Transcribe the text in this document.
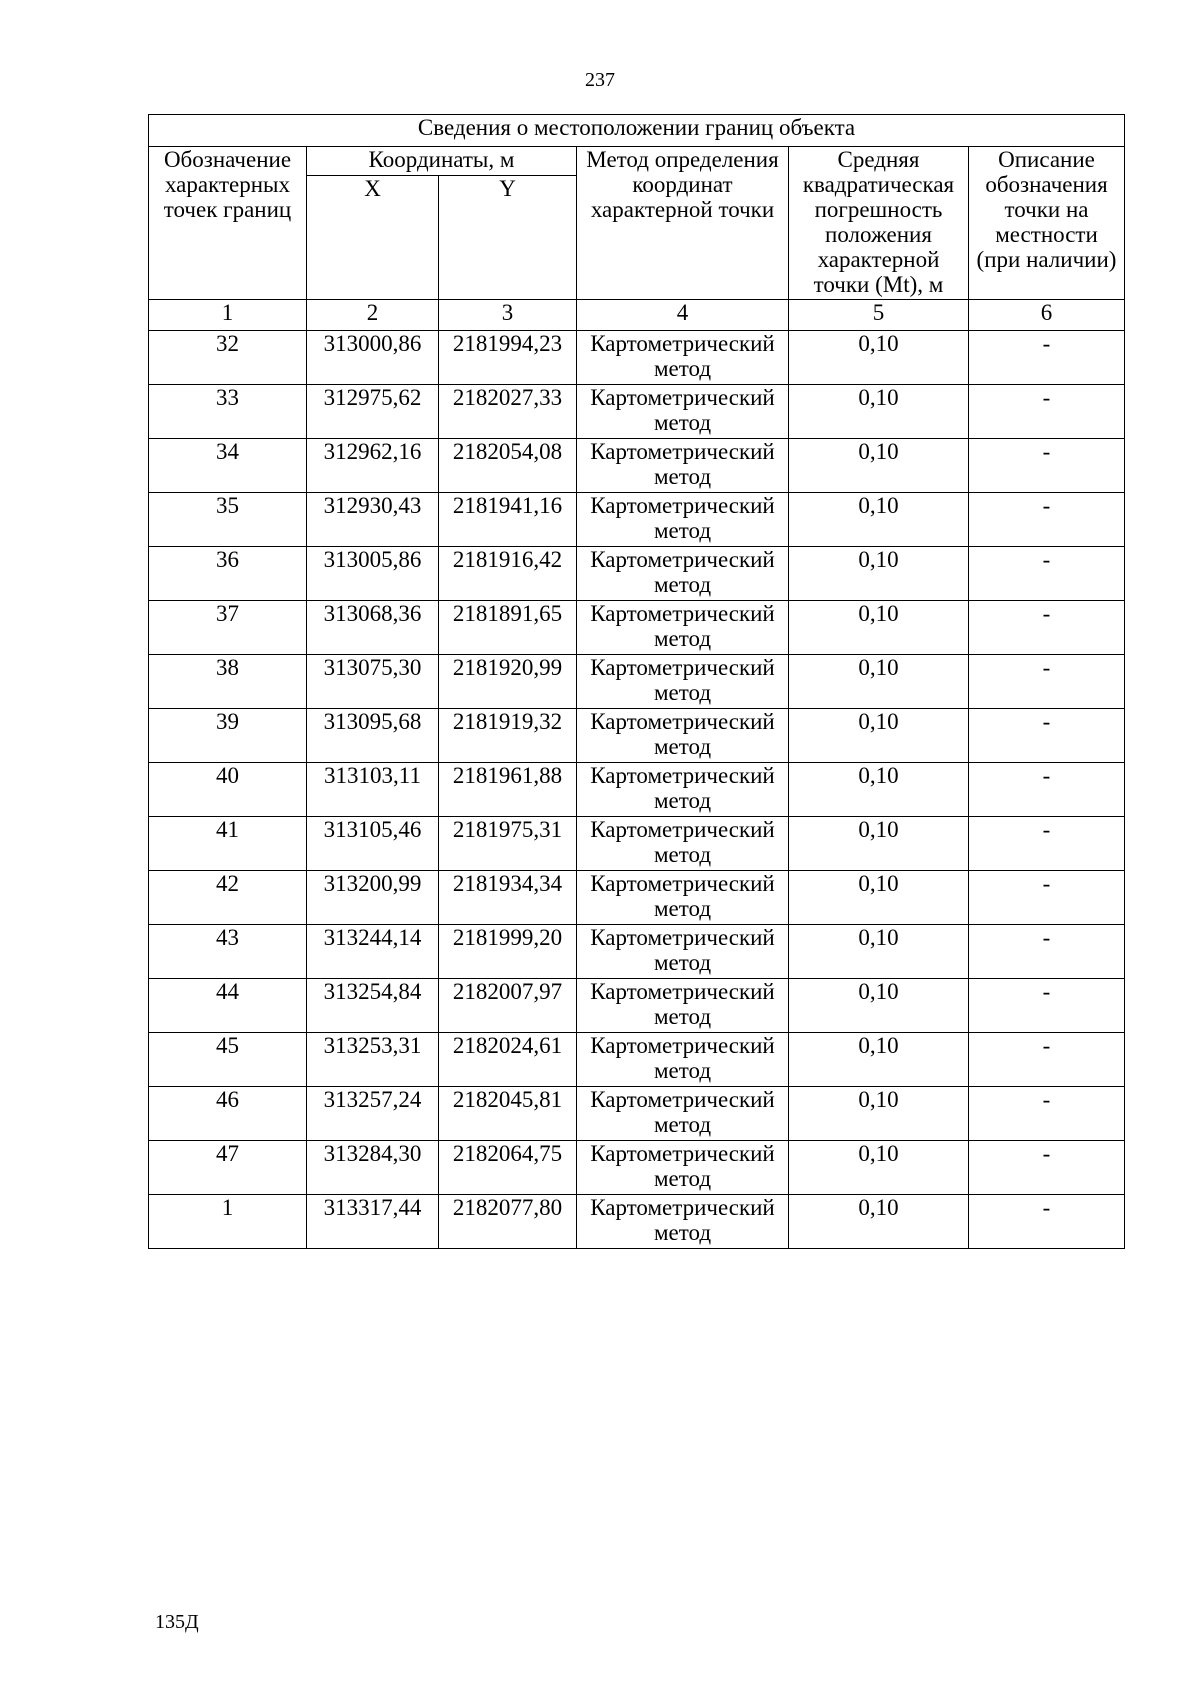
237
Сведения о местоположении границ объекта					
Обозначение характерных точек границ	Координаты, м		Метод определения координат характерной точки	Средняя квадратическая погрешность положения характерной точки (Mt), м	Описание обозначения точки на местности (при наличии)
	X	Y			
1	2	3	4	5	6
32	313000,86	2181994,23	Картометрический метод	0,10	-
33	312975,62	2182027,33	Картометрический метод	0,10	-
34	312962,16	2182054,08	Картометрический метод	0,10	-
35	312930,43	2181941,16	Картометрический метод	0,10	-
36	313005,86	2181916,42	Картометрический метод	0,10	-
37	313068,36	2181891,65	Картометрический метод	0,10	-
38	313075,30	2181920,99	Картометрический метод	0,10	-
39	313095,68	2181919,32	Картометрический метод	0,10	-
40	313103,11	2181961,88	Картометрический метод	0,10	-
41	313105,46	2181975,31	Картометрический метод	0,10	-
42	313200,99	2181934,34	Картометрический метод	0,10	-
43	313244,14	2181999,20	Картометрический метод	0,10	-
44	313254,84	2182007,97	Картометрический метод	0,10	-
45	313253,31	2182024,61	Картометрический метод	0,10	-
46	313257,24	2182045,81	Картометрический метод	0,10	-
47	313284,30	2182064,75	Картометрический метод	0,10	-
1	313317,44	2182077,80	Картометрический метод	0,10	-
135Д
